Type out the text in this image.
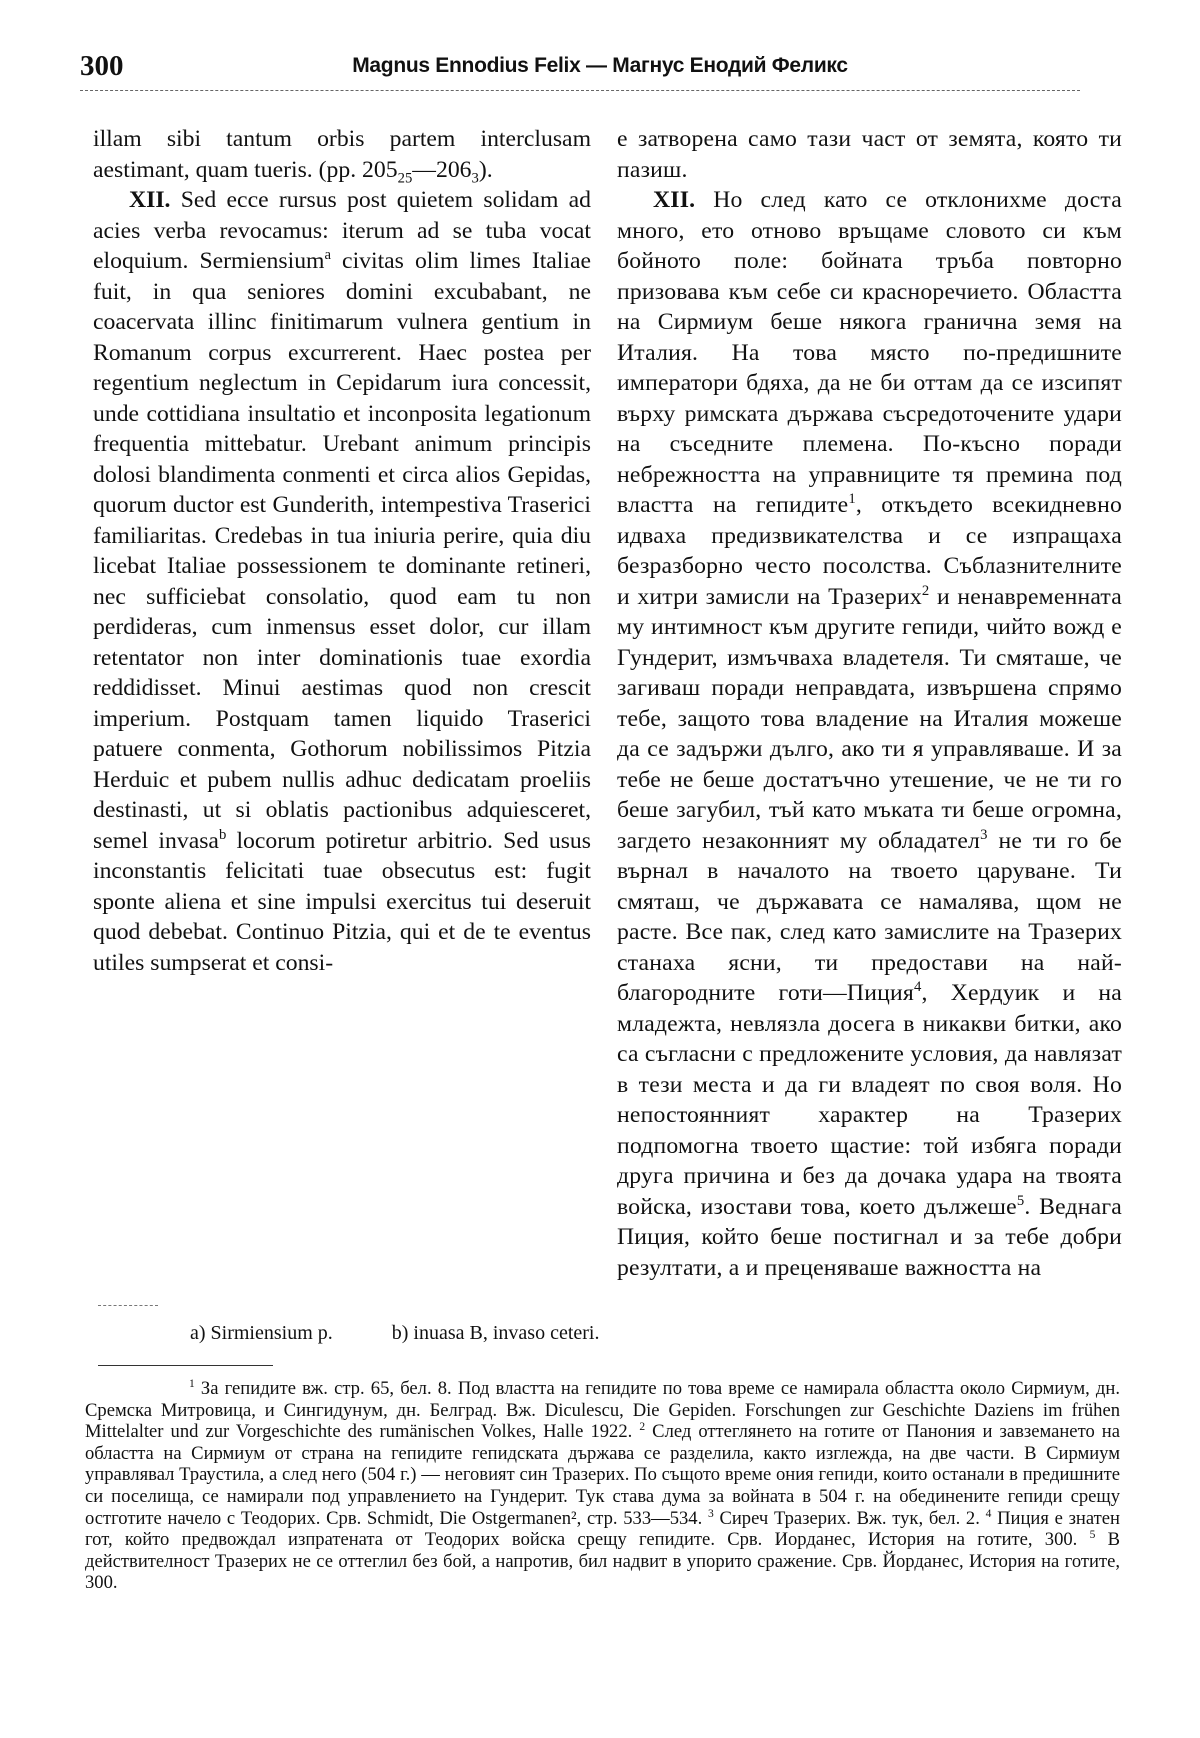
300	Magnus Ennodius Felix — Магнус Енодий Феликс

illam sibi tantum orbis partem interclusam aestimant, quam tueris. (pp. $205_{25}—206_3$).

XII. Sed ecce rursus post quietem solidam ad acies verba revocamus: iterum ad se tuba vocat eloquium. Sermiensium$^a$ civitas olim limes Italiae fuit, in qua seniores domini excubabant, ne coacervata illinc finitimarum vulnera gentium in Romanum corpus excurrerent. Haec postea per regentium neglectum in Cepidarum iura concessit, unde cottidiana insultatio et inconposita legationum frequentia mittebatur. Urebant animum principis dolosi blandimenta conmenti et circa alios Gepidas, quorum ductor est Gunderith, intempestiva Traserici familiaritas. Credebas in tua iniuria perire, quia diu licebat Italiae possessionem te dominante retineri, nec sufficiebat consolatio, quod eam tu non perdideras, cum inmensus esset dolor, cur illam retentator non inter dominationis tuae exordia reddidisset. Minui aestimas quod non crescit imperium. Postquam tamen liquido Traserici patuere conmenta, Gothorum nobilissimos Pitzia Herduic et pubem nullis adhuc dedicatam proeliis destinasti, ut si oblatis pactionibus adquiesceret, semel invasa$^b$ locorum potiretur arbitrio. Sed usus inconstantis felicitati tuae obsecutus est: fugit sponte aliena et sine impulsi exercitus tui deseruit quod debebat. Continuo Pitzia, qui et de te eventus utiles sumpserat et consi-

е затворена само тази част от земята, която ти пазиш.

XII. Но след като се отклонихме доста много, ето отново връщаме словото си към бойното поле: бойната тръба повторно призовава към себе си красноречието. Областта на Сирмиум беше някога гранична земя на Италия. На това място по-предишните императори бдяха, да не би оттам да се изсипят върху римската държава съсредоточените удари на съседните племена. По-късно поради небрежността на управниците тя премина под властта на гепидите$^1$, откъдето всекидневно идваха предизвикателства и се изпращаха безразборно често посолства. Съблазнителните и хитри замисли на Тразерих$^2$ и ненавременната му интимност към другите гепиди, чийто вожд е Гундерит, измъчваха владетеля. Ти смяташе, че загиваш поради неправдата, извършена спрямо тебе, защото това владение на Италия можеше да се задържи дълго, ако ти я управляваше. И за тебе не беше достатъчно утешение, че не ти го беше загубил, тъй като мъката ти беше огромна, загдето незаконният му обладател$^3$ не ти го бе върнал в началото на твоето царуване. Ти смяташ, че държавата се намалява, щом не расте. Все пак, след като замислите на Тразерих станаха ясни, ти предостави на най-благородните готи—Пиция$^4$, Хердуик и на младежта, невлязла досега в никакви битки, ако са съгласни с предложените условия, да навлязат в тези места и да ги владеят по своя воля. Но непостоянният характер на Тразерих подпомогна твоето щастие: той избяга поради друга причина и без да дочака удара на твоята войска, изостави това, което дължеше$^5$. Веднага Пиция, който беше постигнал и за тебе добри резултати, а и преценяваше важността на

a) Sirmiensium p.	b) inuasa B, invaso ceteri.

$^1$ За гепидите вж. стр. 65, бел. 8. Под властта на гепидите по това време се намирала областта около Сирмиум, дн. Сремска Митровица, и Сингидунум, дн. Белград. Вж. Diculescu, Die Gepiden. Forschungen zur Geschichte Daziens im frühen Mittelalter und zur Vorgeschichte des rumänischen Volkes, Halle 1922. $^2$ След оттеглянето на готите от Панония и завземането на областта на Сирмиум от страна на гепидите гепидската държава се разделила, както изглежда, на две части. В Сирмиум управлявал Траустила, а след него (504 г.) — неговият син Тразерих. По същото време ония гепиди, които останали в предишните си поселища, се намирали под управлението на Гундерит. Тук става дума за войната в 504 г. на обединените гепиди срещу остготите начело с Теодорих. Срв. Schmidt, Die Ostgermanen², стр. 533—534. $^3$ Сиреч Тразерих. Вж. тук, бел. 2. $^4$ Пиция е знатен гот, който предвождал изпратената от Теодорих войска срещу гепидите. Срв. Иорданес, История на готите, 300. $^5$ В действителност Тразерих не се оттеглил без бой, а напротив, бил надвит в упорито сражение. Срв. Йорданес, История на готите, 300.
